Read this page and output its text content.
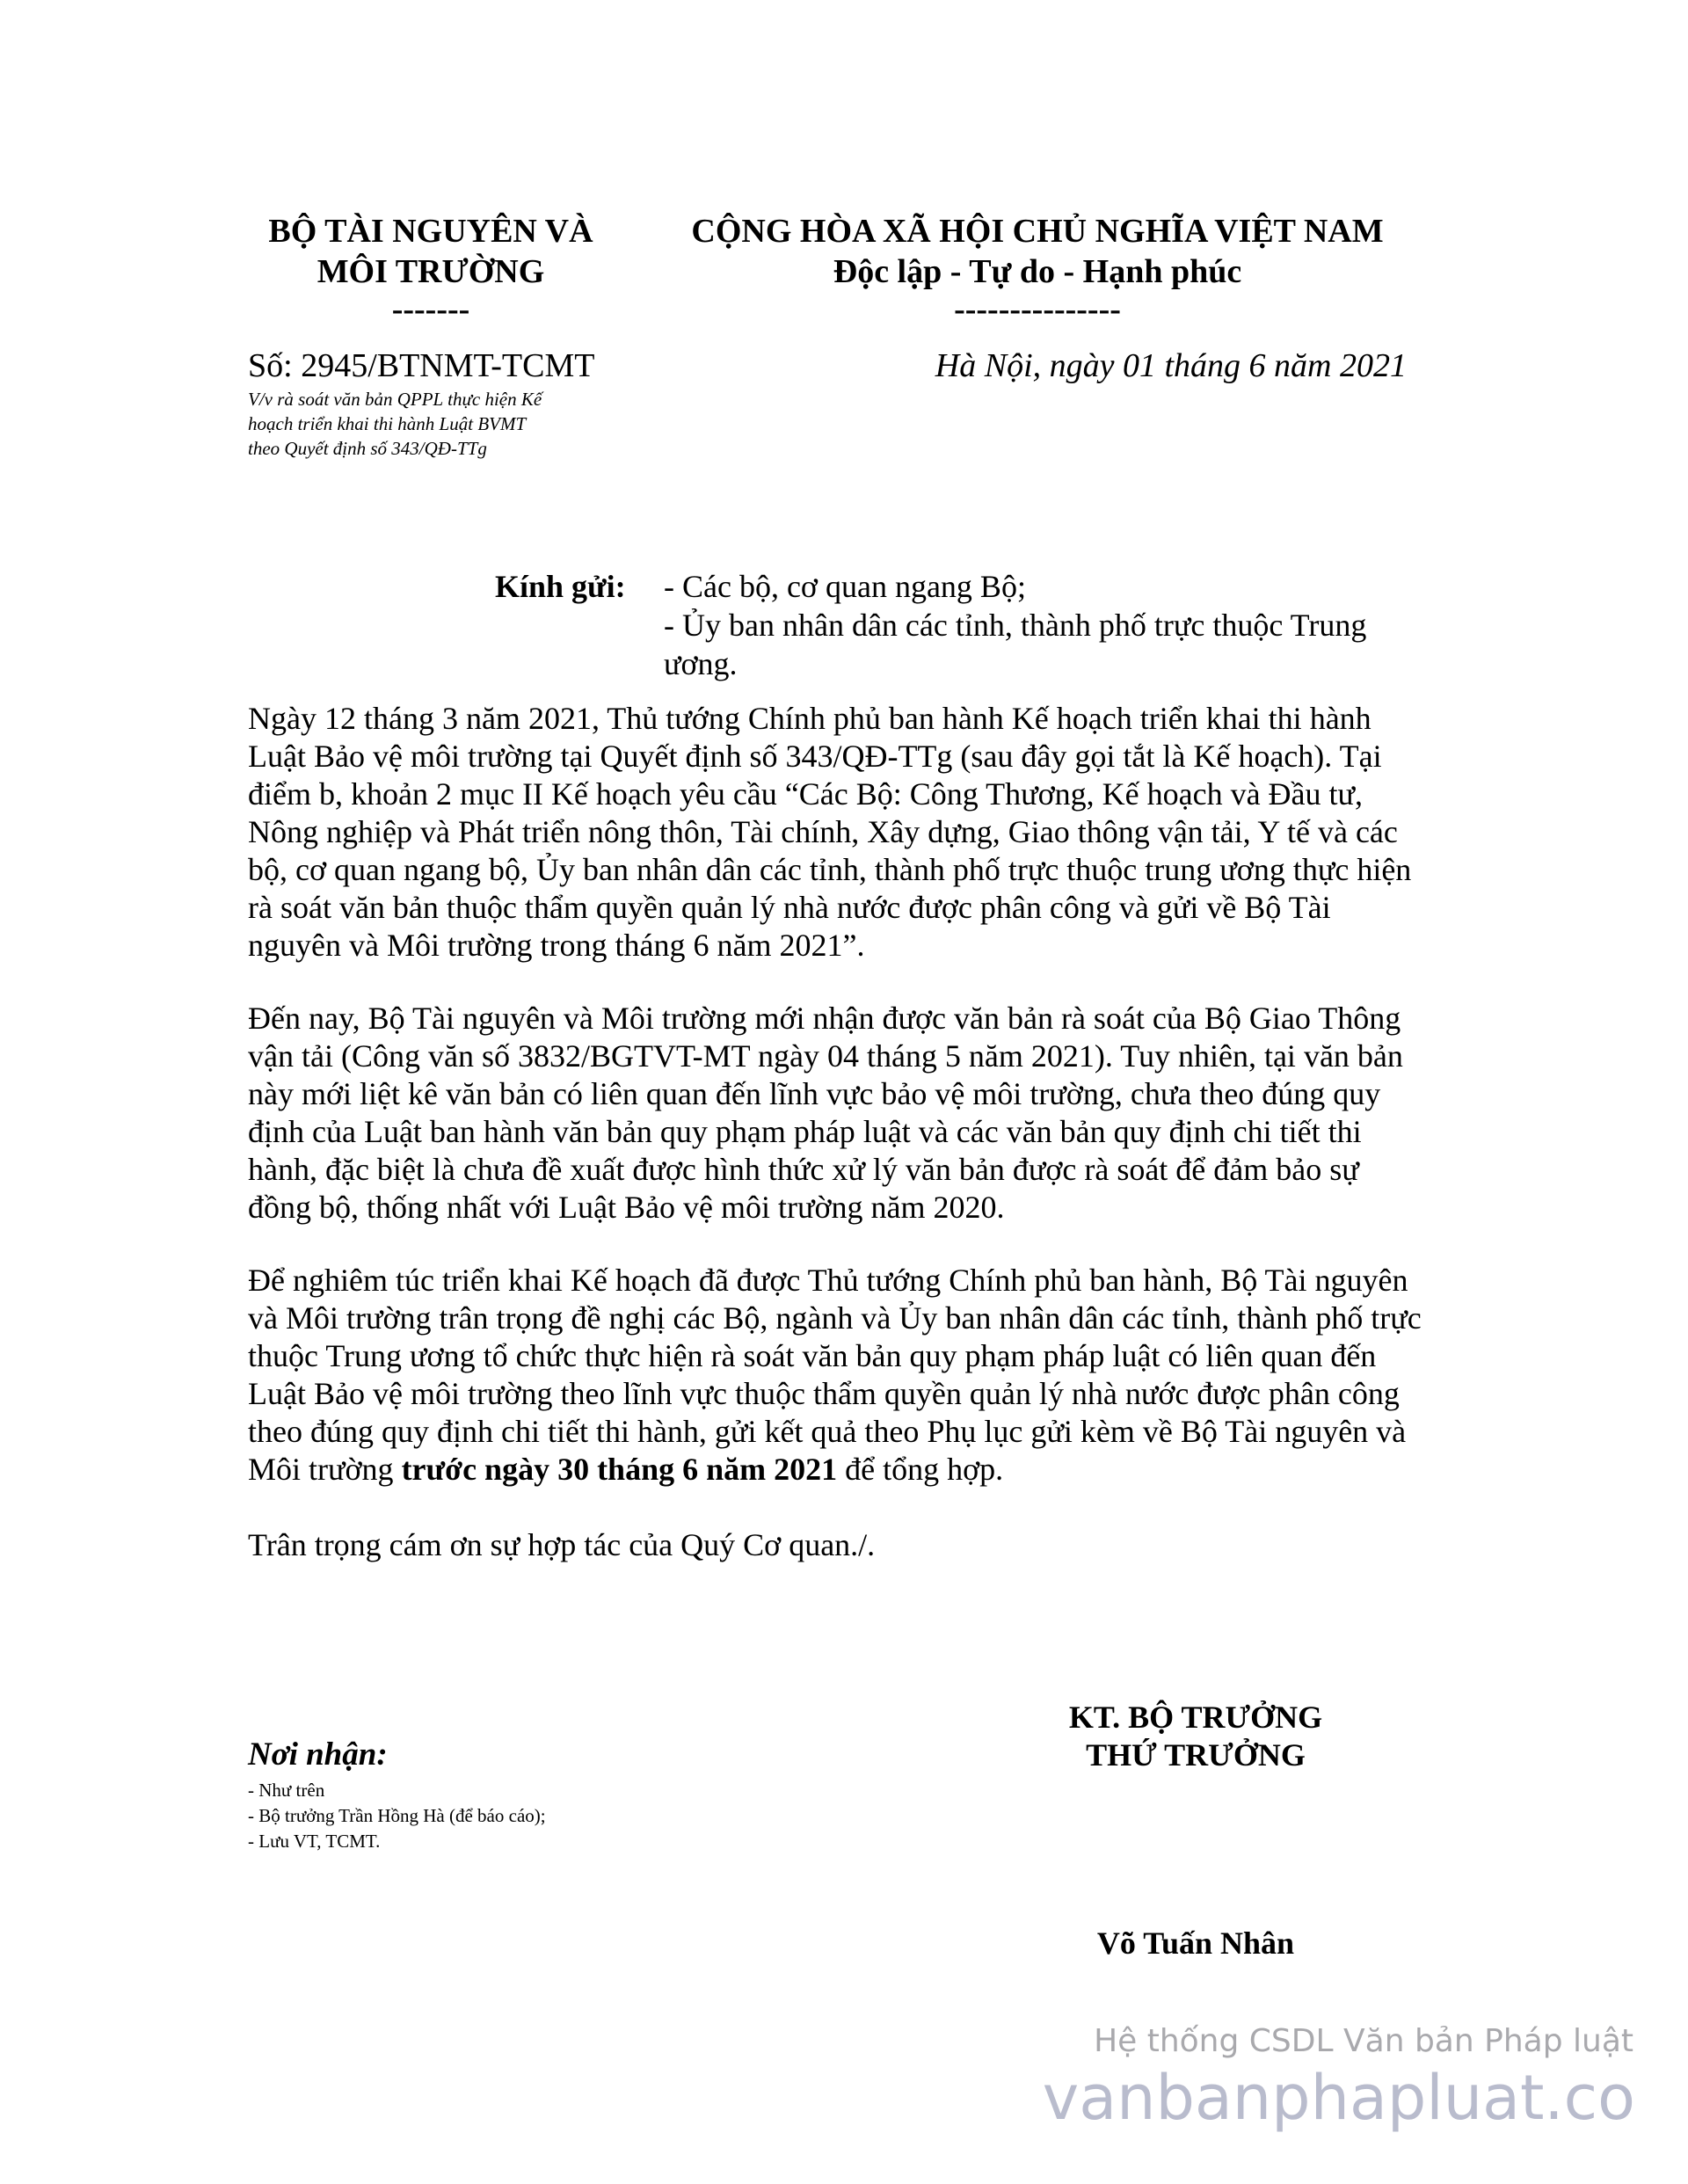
BỘ TÀI NGUYÊN VÀ
MÔI TRƯỜNG
-------
CỘNG HÒA XÃ HỘI CHỦ NGHĨA VIỆT NAM
Độc lập - Tự do - Hạnh phúc
---------------
Số: 2945/BTNMT-TCMT
V/v rà soát văn bản QPPL thực hiện Kế
hoạch triển khai thi hành Luật BVMT
theo Quyết định số 343/QĐ-TTg
Hà Nội, ngày 01 tháng 6 năm 2021
Kính gửi: - Các bộ, cơ quan ngang Bộ;
- Ủy ban nhân dân các tỉnh, thành phố trực thuộc Trung ương.
Ngày 12 tháng 3 năm 2021, Thủ tướng Chính phủ ban hành Kế hoạch triển khai thi hành Luật Bảo vệ môi trường tại Quyết định số 343/QĐ-TTg (sau đây gọi tắt là Kế hoạch). Tại điểm b, khoản 2 mục II Kế hoạch yêu cầu “Các Bộ: Công Thương, Kế hoạch và Đầu tư, Nông nghiệp và Phát triển nông thôn, Tài chính, Xây dựng, Giao thông vận tải, Y tế và các bộ, cơ quan ngang bộ, Ủy ban nhân dân các tỉnh, thành phố trực thuộc trung ương thực hiện rà soát văn bản thuộc thẩm quyền quản lý nhà nước được phân công và gửi về Bộ Tài nguyên và Môi trường trong tháng 6 năm 2021”.
Đến nay, Bộ Tài nguyên và Môi trường mới nhận được văn bản rà soát của Bộ Giao Thông vận tải (Công văn số 3832/BGTVT-MT ngày 04 tháng 5 năm 2021). Tuy nhiên, tại văn bản này mới liệt kê văn bản có liên quan đến lĩnh vực bảo vệ môi trường, chưa theo đúng quy định của Luật ban hành văn bản quy phạm pháp luật và các văn bản quy định chi tiết thi hành, đặc biệt là chưa đề xuất được hình thức xử lý văn bản được rà soát để đảm bảo sự đồng bộ, thống nhất với Luật Bảo vệ môi trường năm 2020.
Để nghiêm túc triển khai Kế hoạch đã được Thủ tướng Chính phủ ban hành, Bộ Tài nguyên và Môi trường trân trọng đề nghị các Bộ, ngành và Ủy ban nhân dân các tỉnh, thành phố trực thuộc Trung ương tổ chức thực hiện rà soát văn bản quy phạm pháp luật có liên quan đến Luật Bảo vệ môi trường theo lĩnh vực thuộc thẩm quyền quản lý nhà nước được phân công theo đúng quy định chi tiết thi hành, gửi kết quả theo Phụ lục gửi kèm về Bộ Tài nguyên và Môi trường trước ngày 30 tháng 6 năm 2021 để tổng hợp.
Trân trọng cám ơn sự hợp tác của Quý Cơ quan./.
KT. BỘ TRƯỞNG
THỨ TRƯỞNG
Võ Tuấn Nhân
Nơi nhận:
- Như trên
- Bộ trưởng Trần Hồng Hà (để báo cáo);
- Lưu VT, TCMT.
Hệ thống CSDL Văn bản Pháp luật
vanbanphapluat.co
